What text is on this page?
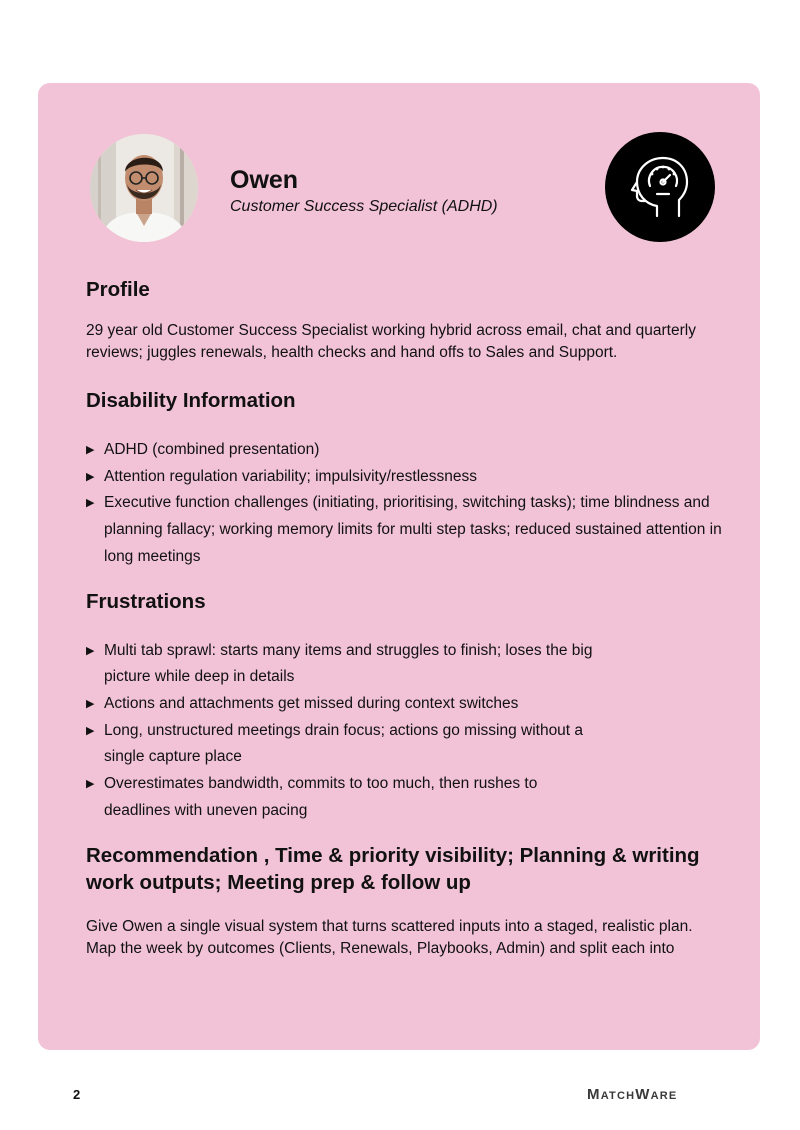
Owen
Customer Success Specialist (ADHD)
Profile

29 year old Customer Success Specialist working hybrid across email, chat and quarterly reviews; juggles renewals, health checks and hand offs to Sales and Support.

Disability Information
▶ ADHD (combined presentation)
▶ Attention regulation variability; impulsivity/restlessness
▶ Executive function challenges (initiating, prioritising, switching tasks); time blindness and planning fallacy; working memory limits for multi step tasks; reduced sustained attention in long meetings
Frustrations
▶ Multi tab sprawl: starts many items and struggles to finish; loses the big picture while deep in details
▶ Actions and attachments get missed during context switches
▶ Long, unstructured meetings drain focus; actions go missing without a single capture place
▶ Overestimates bandwidth, commits to too much, then rushes to deadlines with uneven pacing
Recommendation , Time & priority visibility; Planning & writing work outputs; Meeting prep & follow up

Give Owen a single visual system that turns scattered inputs into a staged, realistic plan. Map the week by outcomes (Clients, Renewals, Playbooks, Admin) and split each into

2	MatchWare
